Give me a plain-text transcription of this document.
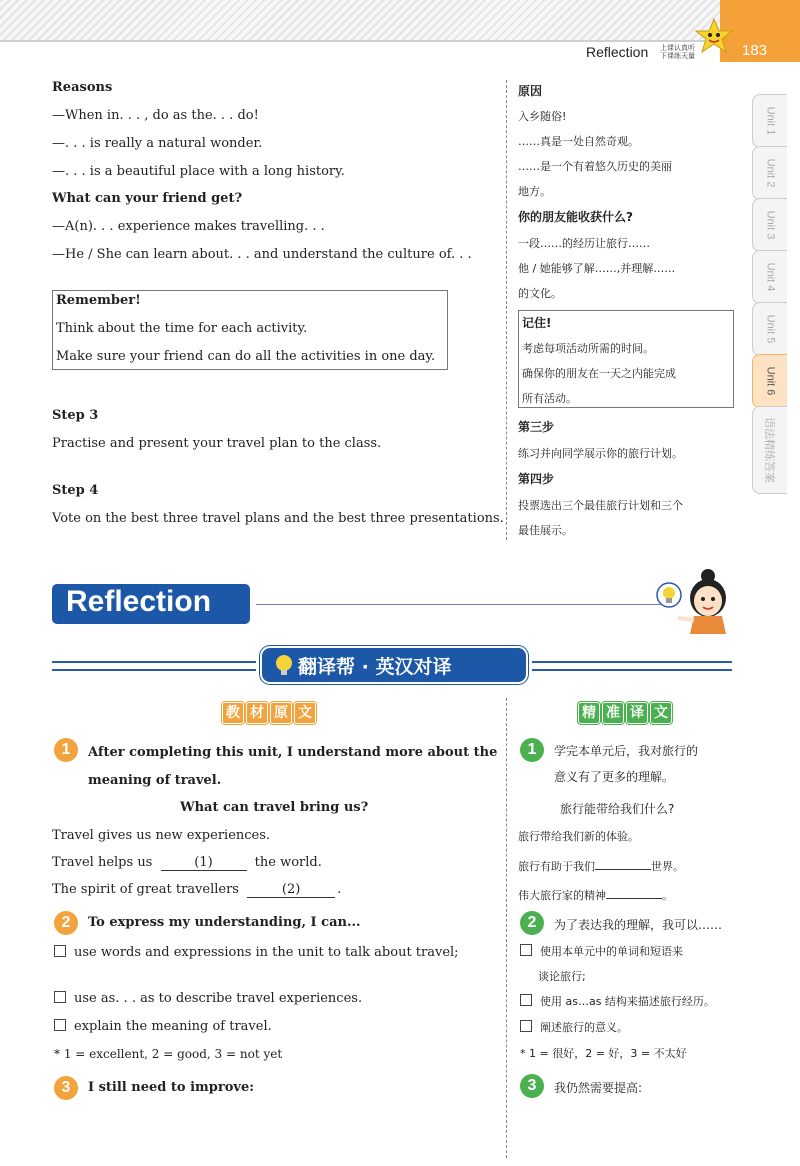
Reflection 上课认真听
下课练天量	183
Unit 1
Unit 2
Unit 3
Unit 4
Unit 5
Unit 6
语法精练答案
Reasons
—When in. . . , do as the. . . do!
—. . . is really a natural wonder.
—. . . is a beautiful place with a long history.
What can your friend get?
—A(n). . . experience makes travelling. . .
—He / She can learn about. . . and understand the culture of. . .
Remember!
Think about the time for each activity.
Make sure your friend can do all the activities in one day.
Step 3
Practise and present your travel plan to the class.
Step 4
Vote on the best three travel plans and the best three presentations.
原因
入乡随俗!
……真是一处自然奇观。
……是一个有着悠久历史的美丽
地方。
你的朋友能收获什么?
一段……的经历让旅行……
他 / 她能够了解……,并理解……
的文化。
记住!
考虑每项活动所需的时间。
确保你的朋友在一天之内能完成
所有活动。
第三步
练习并向同学展示你的旅行计划。
第四步
投票选出三个最佳旅行计划和三个
最佳展示。
Reflection
翻译帮 · 英汉对译
教 材 原 文	精 准 译 文
1	After completing this unit, I understand more about the
meaning of travel.
What can travel bring us?
Travel gives us new experiences.
Travel helps us	(1)	the world.
The spirit of great travellers	(2)	.
2	To express my understanding, I can...
use words and expressions in the unit to talk about travel;
use as. . . as to describe travel experiences.
explain the meaning of travel.
* 1 = excellent, 2 = good, 3 = not yet
3	I still need to improve:
1	学完本单元后，我对旅行的
意义有了更多的理解。
旅行能带给我们什么?
旅行带给我们新的体验。
旅行有助于我们	世界。
伟大旅行家的精神	。
2	为了表达我的理解，我可以……
使用本单元中的单词和短语来
谈论旅行;
使用 as…as 结构来描述旅行经历。
阐述旅行的意义。
* 1 = 很好，2 = 好，3 = 不太好
3	我仍然需要提高:
